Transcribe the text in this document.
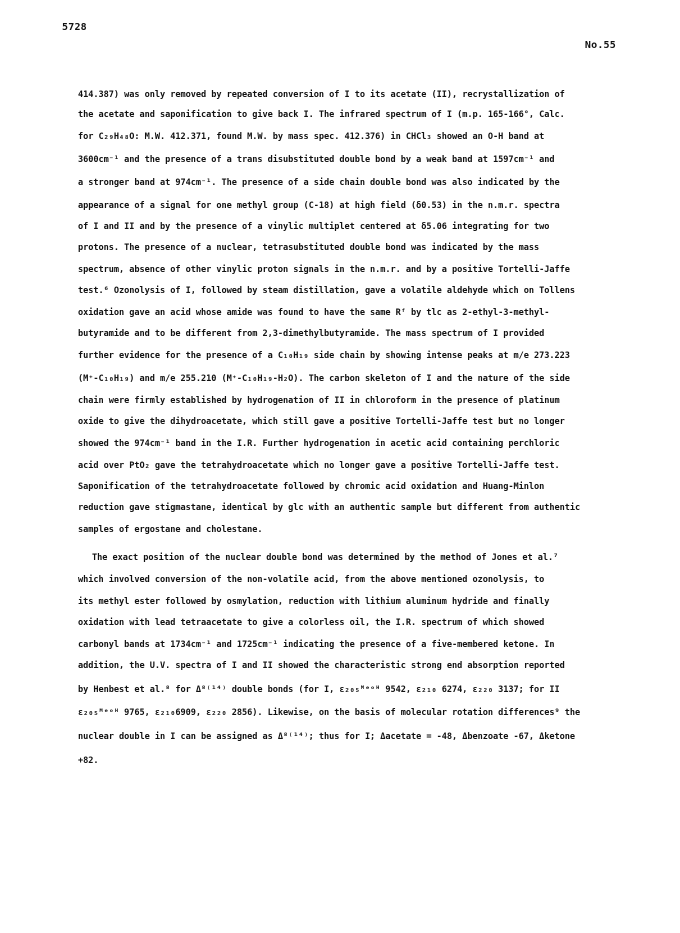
5728
No.55
414.387) was only removed by repeated conversion of I to its acetate (II), recrystallization of
the acetate and saponification to give back I. The infrared spectrum of I (m.p. 165-166°, Calc.
for C₂₉H₄₈O: M.W. 412.371, found M.W. by mass spec. 412.376) in CHCl₃ showed an O-H band at
3600cm⁻¹ and the presence of a trans disubstituted double bond by a weak band at 1597cm⁻¹ and
a stronger band at 974cm⁻¹. The presence of a side chain double bond was also indicated by the
appearance of a signal for one methyl group (C-18) at high field (δ0.53) in the n.m.r. spectra
of I and II and by the presence of a vinylic multiplet centered at δ5.06 integrating for two
protons. The presence of a nuclear, tetrasubstituted double bond was indicated by the mass
spectrum, absence of other vinylic proton signals in the n.m.r. and by a positive Tortelli-Jaffe
test.⁶ Ozonolysis of I, followed by steam distillation, gave a volatile aldehyde which on Tollens
oxidation gave an acid whose amide was found to have the same Rᶠ by tlc as 2-ethyl-3-methyl-
butyramide and to be different from 2,3-dimethylbutyramide. The mass spectrum of I provided
further evidence for the presence of a C₁₀H₁₉ side chain by showing intense peaks at m/e 273.223
(M⁺-C₁₀H₁₉) and m/e 255.210 (M⁺-C₁₀H₁₉-H₂O). The carbon skeleton of I and the nature of the side
chain were firmly established by hydrogenation of II in chloroform in the presence of platinum
oxide to give the dihydroacetate, which still gave a positive Tortelli-Jaffe test but no longer
showed the 974cm⁻¹ band in the I.R. Further hydrogenation in acetic acid containing perchloric
acid over PtO₂ gave the tetrahydroacetate which no longer gave a positive Tortelli-Jaffe test.
Saponification of the tetrahydroacetate followed by chromic acid oxidation and Huang-Minlon
reduction gave stigmastane, identical by glc with an authentic sample but different from authentic
samples of ergostane and cholestane.
The exact position of the nuclear double bond was determined by the method of Jones et al.⁷
which involved conversion of the non-volatile acid, from the above mentioned ozonolysis, to
its methyl ester followed by osmylation, reduction with lithium aluminum hydride and finally
oxidation with lead tetraacetate to give a colorless oil, the I.R. spectrum of which showed
carbonyl bands at 1734cm⁻¹ and 1725cm⁻¹ indicating the presence of a five-membered ketone. In
addition, the U.V. spectra of I and II showed the characteristic strong end absorption reported
by Henbest et al.⁸ for Δ⁸⁽¹⁴⁾ double bonds (for I, ε₂₀₅ᴹᵉᵒᴴ 9542, ε₂₁₀ 6274, ε₂₂₀ 3137; for II
ε₂₀₅ᴹᵉᵒᴴ 9765, ε₂₁₀6909, ε₂₂₀ 2856). Likewise, on the basis of molecular rotation differences⁹ the
nuclear double in I can be assigned as Δ⁸⁽¹⁴⁾; thus for I; Δacetate = -48, Δbenzoate -67, Δketone
+82.
